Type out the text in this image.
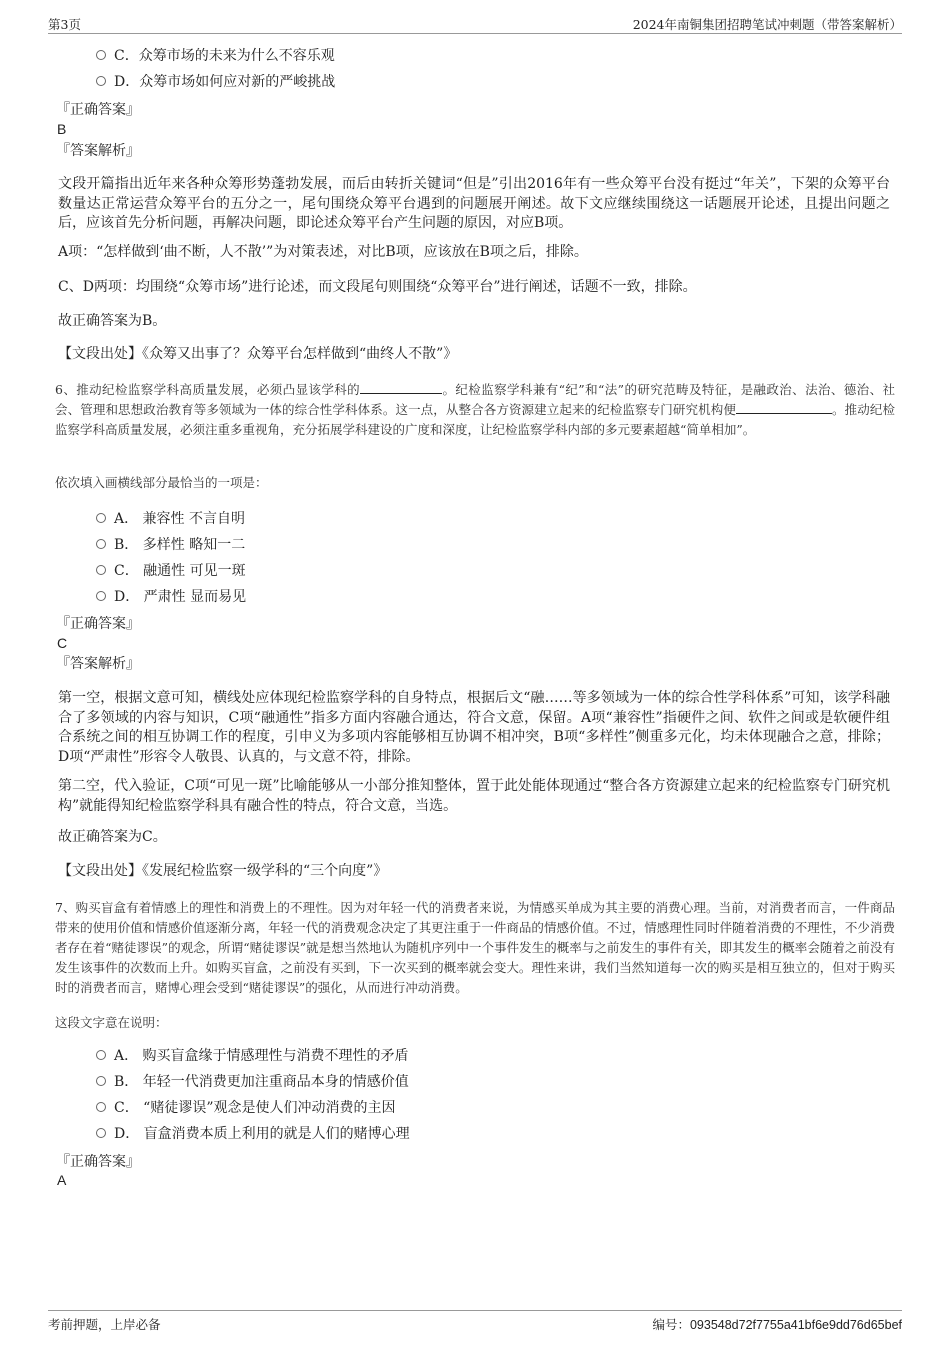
第3页	2024年南铜集团招聘笔试冲刺题（带答案解析）
C．众筹市场的未来为什么不容乐观
D．众筹市场如何应对新的严峻挑战
『正确答案』
B
『答案解析』
文段开篇指出近年来各种众筹形势蓬勃发展，而后由转折关键词“但是”引出2016年有一些众筹平台没有挺过“年关”，下架的众筹平台数量达正常运营众筹平台的五分之一，尾句围绕众筹平台遇到的问题展开阐述。故下文应继续围绕这一话题展开论述，且提出问题之后，应该首先分析问题，再解决问题，即论述众筹平台产生问题的原因，对应B项。
A项：“怎样做到‘曲不断，人不散’”为对策表述，对比B项，应该放在B项之后，排除。
C、D两项：均围绕“众筹市场”进行论述，而文段尾句则围绕“众筹平台”进行阐述，话题不一致，排除。
故正确答案为B。
【文段出处】《众筹又出事了？众筹平台怎样做到“曲终人不散”》
6、推动纪检监察学科高质量发展，必须凸显该学科的	。纪检监察学科兼有“纪”和“法”的研究范畴及特征，是融政治、法治、德治、社会、管理和思想政治教育等多领域为一体的综合性学科体系。这一点，从整合各方资源建立起来的纪检监察专门研究机构便	。推动纪检监察学科高质量发展，必须注重多重视角，充分拓展学科建设的广度和深度，让纪检监察学科内部的多元要素超越“简单相加”。
依次填入画横线部分最恰当的一项是：
A． 兼容性 不言自明
B． 多样性 略知一二
C． 融通性 可见一斑
D． 严肃性 显而易见
『正确答案』
C
『答案解析』
第一空，根据文意可知，横线处应体现纪检监察学科的自身特点，根据后文“融……等多领域为一体的综合性学科体系”可知，该学科融合了多领域的内容与知识，C项“融通性”指多方面内容融合通达，符合文意，保留。A项“兼容性”指硬件之间、软件之间或是软硬件组合系统之间的相互协调工作的程度，引申义为多项内容能够相互协调不相冲突，B项“多样性”侧重多元化，均未体现融合之意，排除；D项“严肃性”形容令人敬畏、认真的，与文意不符，排除。
第二空，代入验证，C项“可见一斑”比喻能够从一小部分推知整体，置于此处能体现通过“整合各方资源建立起来的纪检监察专门研究机构”就能得知纪检监察学科具有融合性的特点，符合文意，当选。
故正确答案为C。
【文段出处】《发展纪检监察一级学科的“三个向度”》
7、购买盲盒有着情感上的理性和消费上的不理性。因为对年轻一代的消费者来说，为情感买单成为其主要的消费心理。当前，对消费者而言，一件商品带来的使用价值和情感价值逐渐分离，年轻一代的消费观念决定了其更注重于一件商品的情感价值。不过，情感理性同时伴随着消费的不理性，不少消费者存在着“赌徒谬误”的观念，所谓“赌徒谬误”就是想当然地认为随机序列中一个事件发生的概率与之前发生的事件有关，即其发生的概率会随着之前没有发生该事件的次数而上升。如购买盲盒，之前没有买到，下一次买到的概率就会变大。理性来讲，我们当然知道每一次的购买是相互独立的，但对于购买时的消费者而言，赌博心理会受到“赌徒谬误”的强化，从而进行冲动消费。
这段文字意在说明：
A． 购买盲盒缘于情感理性与消费不理性的矛盾
B． 年轻一代消费更加注重商品本身的情感价值
C． “赌徒谬误”观念是使人们冲动消费的主因
D． 盲盒消费本质上利用的就是人们的赌博心理
『正确答案』
A
考前押题，上岸必备	编号：093548d72f7755a41bf6e9dd76d65bef
